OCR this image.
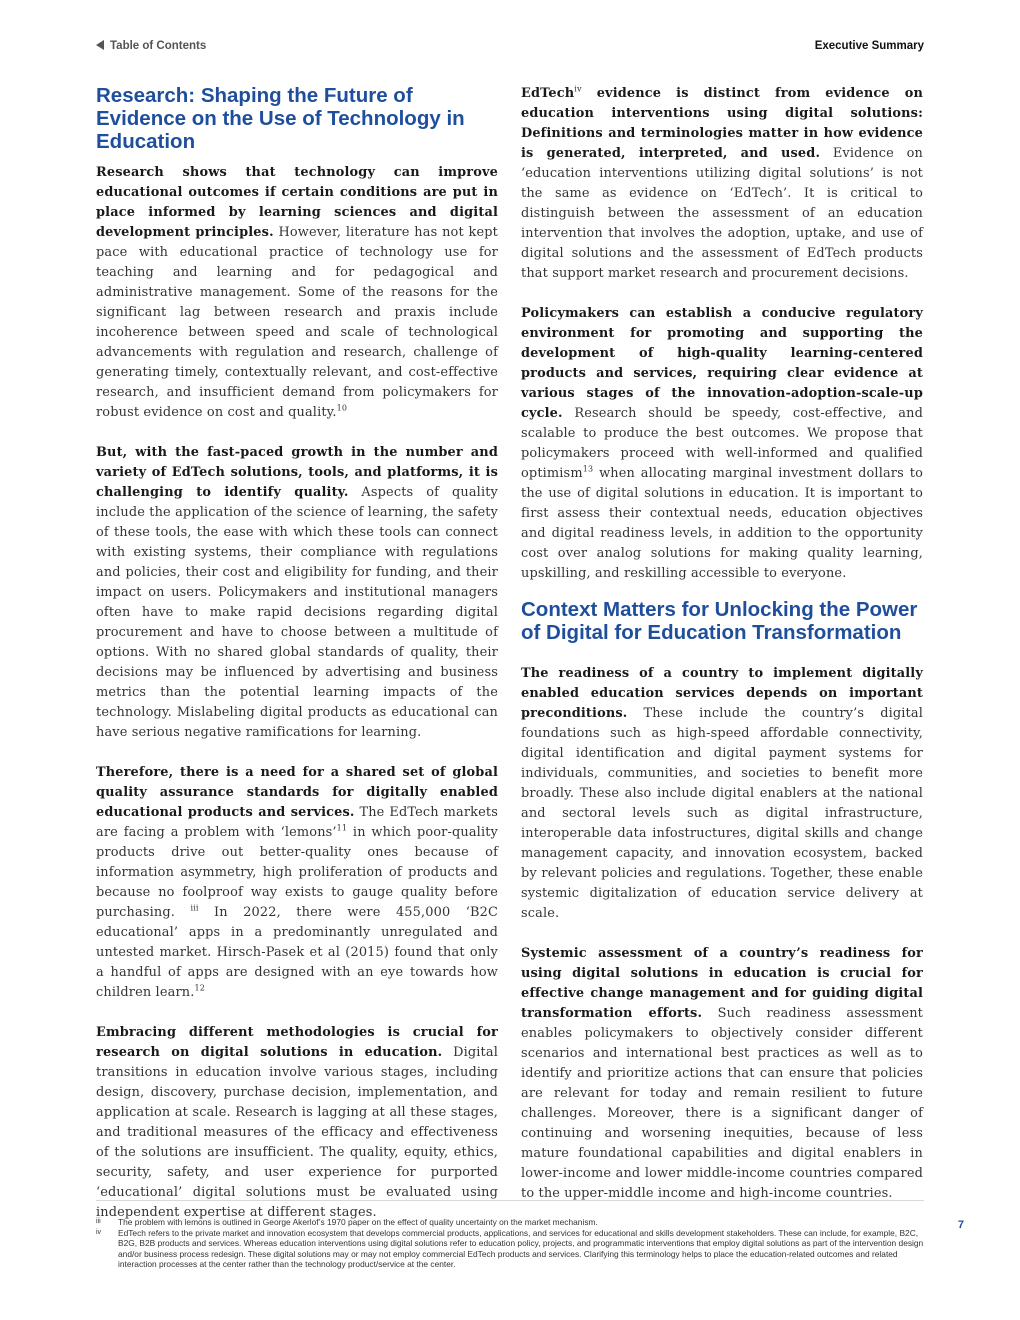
Table of Contents	Executive Summary
Research: Shaping the Future of Evidence on the Use of Technology in Education

Research shows that technology can improve educational outcomes if certain conditions are put in place informed by learning sciences and digital development principles. However, literature has not kept pace with educational practice of technology use for teaching and learning and for pedagogical and administrative management. Some of the reasons for the significant lag between research and praxis include incoherence between speed and scale of technological advancements with regulation and research, challenge of generating timely, contextually relevant, and cost-effective research, and insufficient demand from policymakers for robust evidence on cost and quality.$^{10}$

But, with the fast-paced growth in the number and variety of EdTech solutions, tools, and platforms, it is challenging to identify quality. Aspects of quality include the application of the science of learning, the safety of these tools, the ease with which these tools can connect with existing systems, their compliance with regulations and policies, their cost and eligibility for funding, and their impact on users. Policymakers and institutional managers often have to make rapid decisions regarding digital procurement and have to choose between a multitude of options. With no shared global standards of quality, their decisions may be influenced by advertising and business metrics than the potential learning impacts of the technology. Mislabeling digital products as educational can have serious negative ramifications for learning.

Therefore, there is a need for a shared set of global quality assurance standards for digitally enabled educational products and services. The EdTech markets are facing a problem with ‘lemons’$^{11}$ in which poor-quality products drive out better-quality ones because of information asymmetry, high proliferation of products and because no foolproof way exists to gauge quality before purchasing. $^{iii}$ In 2022, there were 455,000 ‘B2C educational’ apps in a predominantly unregulated and untested market. Hirsch-Pasek et al (2015) found that only a handful of apps are designed with an eye towards how children learn.$^{12}$

Embracing different methodologies is crucial for research on digital solutions in education. Digital transitions in education involve various stages, including design, discovery, purchase decision, implementation, and application at scale. Research is lagging at all these stages, and traditional measures of the efficacy and effectiveness of the solutions are insufficient. The quality, equity, ethics, security, safety, and user experience for purported ‘educational’ digital solutions must be evaluated using independent expertise at different stages.

EdTech$^{iv}$ evidence is distinct from evidence on education interventions using digital solutions: Definitions and terminologies matter in how evidence is generated, interpreted, and used. Evidence on ‘education interventions utilizing digital solutions’ is not the same as evidence on ‘EdTech’. It is critical to distinguish between the assessment of an education intervention that involves the adoption, uptake, and use of digital solutions and the assessment of EdTech products that support market research and procurement decisions.

Policymakers can establish a conducive regulatory environment for promoting and supporting the development of high-quality learning-centered products and services, requiring clear evidence at various stages of the innovation-adoption-scale-up cycle. Research should be speedy, cost-effective, and scalable to produce the best outcomes. We propose that policymakers proceed with well-informed and qualified optimism$^{13}$ when allocating marginal investment dollars to the use of digital solutions in education. It is important to first assess their contextual needs, education objectives and digital readiness levels, in addition to the opportunity cost over analog solutions for making quality learning, upskilling, and reskilling accessible to everyone.

Context Matters for Unlocking the Power of Digital for Education Transformation

The readiness of a country to implement digitally enabled education services depends on important preconditions. These include the country’s digital foundations such as high-speed affordable connectivity, digital identification and digital payment systems for individuals, communities, and societies to benefit more broadly. These also include digital enablers at the national and sectoral levels such as digital infrastructure, interoperable data infostructures, digital skills and change management capacity, and innovation ecosystem, backed by relevant policies and regulations. Together, these enable systemic digitalization of education service delivery at scale.

Systemic assessment of a country’s readiness for using digital solutions in education is crucial for effective change management and for guiding digital transformation efforts. Such readiness assessment enables policymakers to objectively consider different scenarios and international best practices as well as to identify and prioritize actions that can ensure that policies are relevant for today and remain resilient to future challenges. Moreover, there is a significant danger of continuing and worsening inequities, because of less mature foundational capabilities and digital enablers in lower-income and lower middle-income countries compared to the upper-middle income and high-income countries.

iii	The problem with lemons is outlined in George Akerlof’s 1970 paper on the effect of quality uncertainty on the market mechanism.
iv	EdTech refers to the private market and innovation ecosystem that develops commercial products, applications, and services for educational and skills development stakeholders. These can include, for example, B2C, B2G, B2B products and services. Whereas education interventions using digital solutions refer to education policy, projects, and programmatic interventions that employ digital solutions as part of the intervention design and/or business process redesign. These digital solutions may or may not employ commercial EdTech products and services. Clarifying this terminology helps to place the education-related outcomes and related interaction processes at the center rather than the technology product/service at the center.
7
